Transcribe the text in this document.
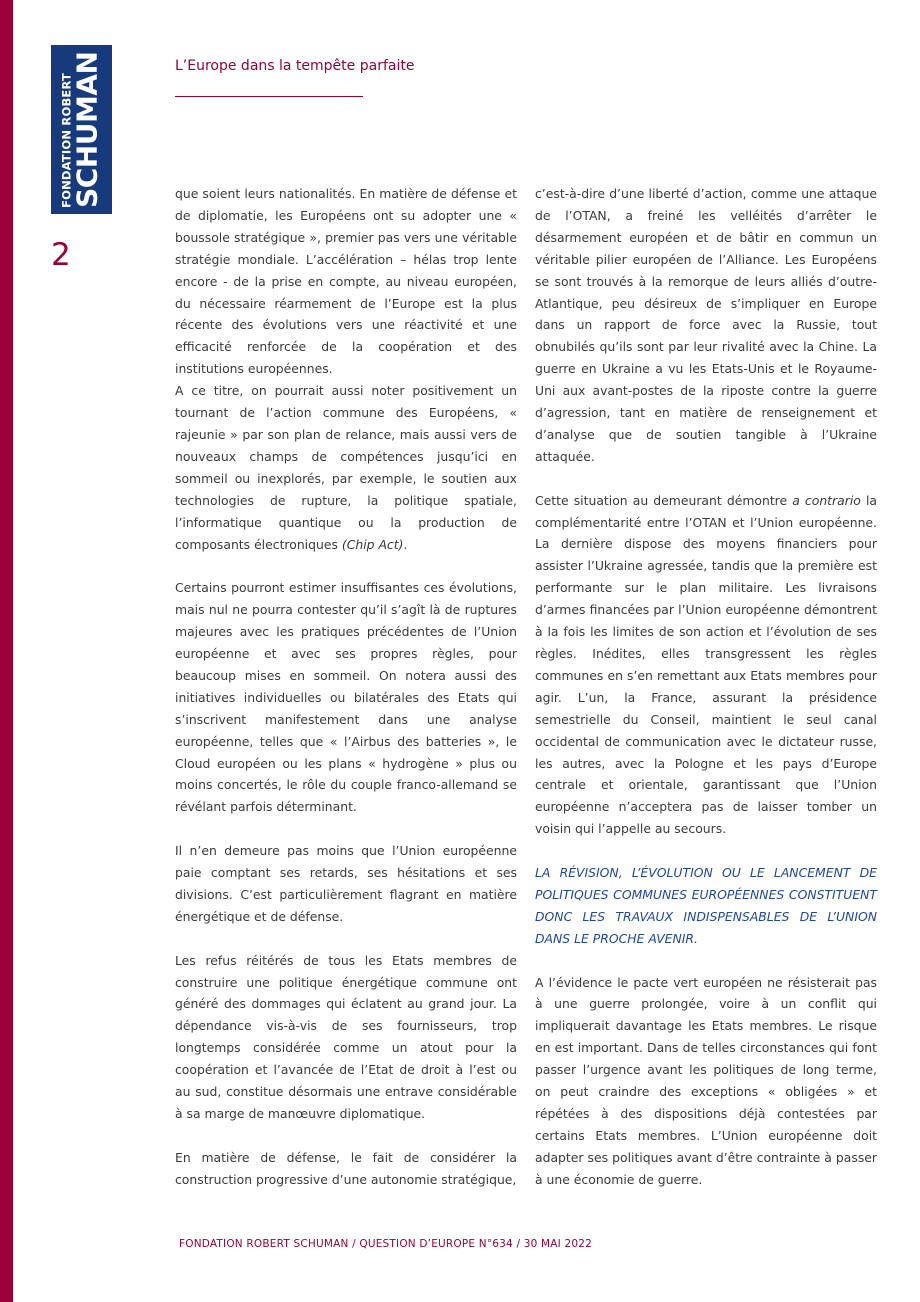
FONDATION ROBERT
SCHUMAN
2
L’Europe dans la tempête parfaite

que soient leurs nationalités. En matière de défense et de diplomatie, les Européens ont su adopter une « boussole stratégique », premier pas vers une véritable stratégie mondiale. L’accélération – hélas trop lente encore - de la prise en compte, au niveau européen, du nécessaire réarmement de l’Europe est la plus récente des évolutions vers une réactivité et une efficacité renforcée de la coopération et des institutions européennes.

A ce titre, on pourrait aussi noter positivement un tournant de l’action commune des Européens, « rajeunie » par son plan de relance, mais aussi vers de nouveaux champs de compétences jusqu’ici en sommeil ou inexplorés, par exemple, le soutien aux technologies de rupture, la politique spatiale, l’informatique quantique ou la production de composants électroniques (Chip Act).

Certains pourront estimer insuffisantes ces évolutions, mais nul ne pourra contester qu’il s’agît là de ruptures majeures avec les pratiques précédentes de l’Union européenne et avec ses propres règles, pour beaucoup mises en sommeil. On notera aussi des initiatives individuelles ou bilatérales des Etats qui s’inscrivent manifestement dans une analyse européenne, telles que « l’Airbus des batteries », le Cloud européen ou les plans « hydrogène » plus ou moins concertés, le rôle du couple franco-allemand se révélant parfois déterminant.

Il n’en demeure pas moins que l’Union européenne paie comptant ses retards, ses hésitations et ses divisions. C’est particulièrement flagrant en matière énergétique et de défense.

Les refus réitérés de tous les Etats membres de construire une politique énergétique commune ont généré des dommages qui éclatent au grand jour. La dépendance vis-à-vis de ses fournisseurs, trop longtemps considérée comme un atout pour la coopération et l’avancée de l’Etat de droit à l’est ou au sud, constitue désormais une entrave considérable à sa marge de manœuvre diplomatique.

En matière de défense, le fait de considérer la construction progressive d’une autonomie stratégique,

c’est-à-dire d’une liberté d’action, comme une attaque de l’OTAN, a freiné les velléités d’arrêter le désarmement européen et de bâtir en commun un véritable pilier européen de l’Alliance. Les Européens se sont trouvés à la remorque de leurs alliés d’outre-Atlantique, peu désireux de s’impliquer en Europe dans un rapport de force avec la Russie, tout obnubilés qu’ils sont par leur rivalité avec la Chine. La guerre en Ukraine a vu les Etats-Unis et le Royaume-Uni aux avant-postes de la riposte contre la guerre d’agression, tant en matière de renseignement et d’analyse que de soutien tangible à l’Ukraine attaquée.

Cette situation au demeurant démontre a contrario la complémentarité entre l’OTAN et l’Union européenne. La dernière dispose des moyens financiers pour assister l’Ukraine agressée, tandis que la première est performante sur le plan militaire. Les livraisons d’armes financées par l’Union européenne démontrent à la fois les limites de son action et l’évolution de ses règles. Inédites, elles transgressent les règles communes en s’en remettant aux Etats membres pour agir. L’un, la France, assurant la présidence semestrielle du Conseil, maintient le seul canal occidental de communication avec le dictateur russe, les autres, avec la Pologne et les pays d’Europe centrale et orientale, garantissant que l’Union européenne n’acceptera pas de laisser tomber un voisin qui l’appelle au secours.

LA RÉVISION, L’ÉVOLUTION OU LE LANCEMENT DE POLITIQUES COMMUNES EUROPÉENNES CONSTITUENT DONC LES TRAVAUX INDISPENSABLES DE L’UNION DANS LE PROCHE AVENIR.

A l’évidence le pacte vert européen ne résisterait pas à une guerre prolongée, voire à un conflit qui impliquerait davantage les Etats membres. Le risque en est important. Dans de telles circonstances qui font passer l’urgence avant les politiques de long terme, on peut craindre des exceptions « obligées » et répétées à des dispositions déjà contestées par certains Etats membres. L’Union européenne doit adapter ses politiques avant d’être contrainte à passer à une économie de guerre.

FONDATION ROBERT SCHUMAN / QUESTION D’EUROPE N°634 / 30 MAI 2022
